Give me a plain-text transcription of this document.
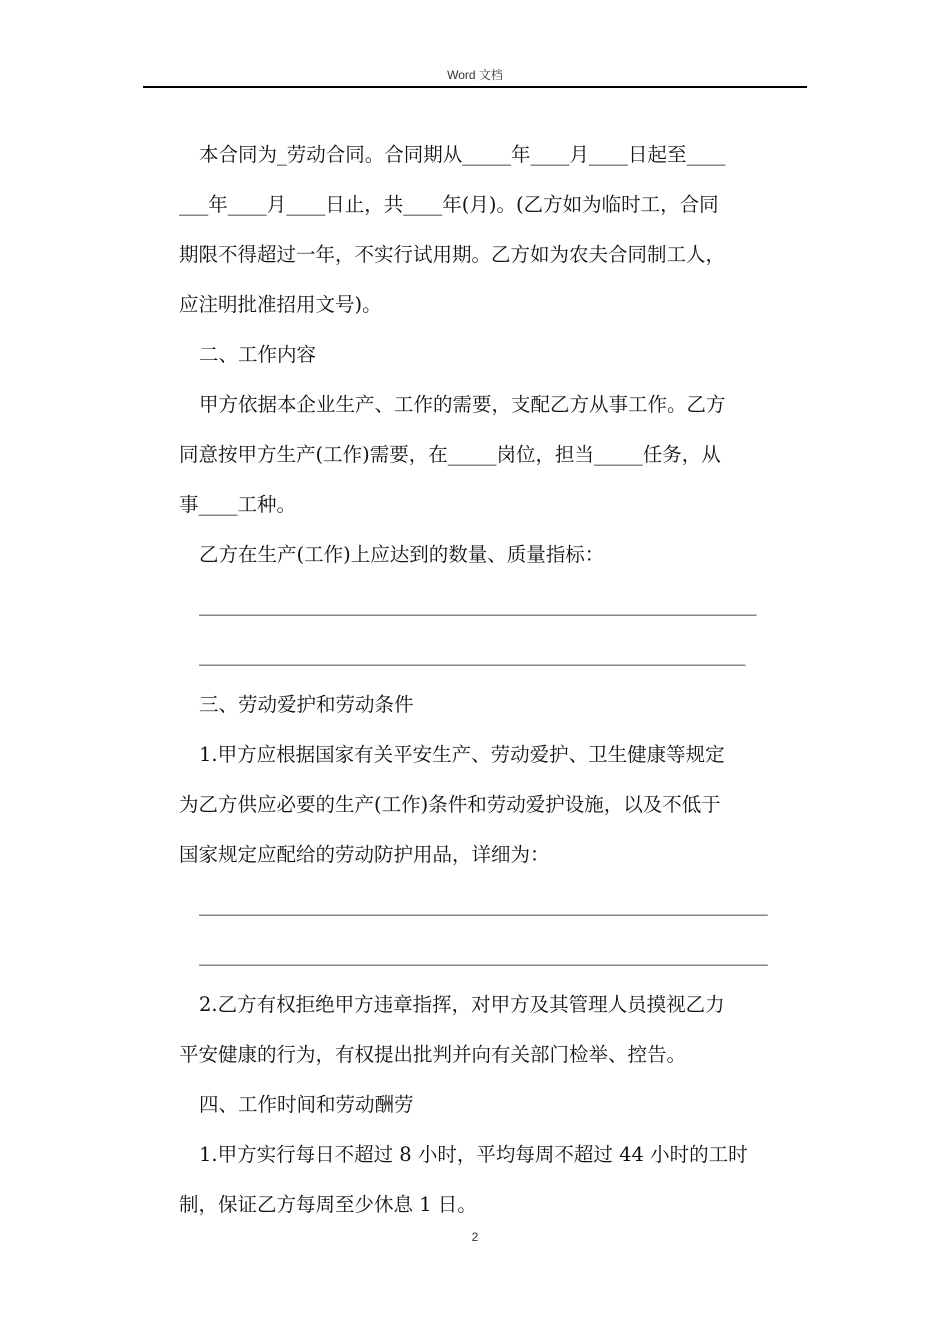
Word 文档

本合同为_劳动合同。合同期从_____年____月____日起至____
___年____月____日止，共____年(月)。(乙方如为临时工，合同
期限不得超过一年，不实行试用期。乙方如为农夫合同制工人，
应注明批准招用文号)。

二、工作内容

甲方依据本企业生产、工作的需要，支配乙方从事工作。乙方
同意按甲方生产(工作)需要，在_____岗位，担当_____任务，从
事____工种。

乙方在生产(工作)上应达到的数量、质量指标：

__________________________________________________

_________________________________________________

三、劳动爱护和劳动条件

1.甲方应根据国家有关平安生产、劳动爱护、卫生健康等规定
为乙方供应必要的生产(工作)条件和劳动爱护设施，以及不低于
国家规定应配给的劳动防护用品，详细为：

___________________________________________________

___________________________________________________

2.乙方有权拒绝甲方违章指挥，对甲方及其管理人员摸视乙力
平安健康的行为，有权提出批判并向有关部门检举、控告。

四、工作时间和劳动酬劳

1.甲方实行每日不超过 8 小时，平均每周不超过 44 小时的工时
制，保证乙方每周至少休息 1 日。

2
